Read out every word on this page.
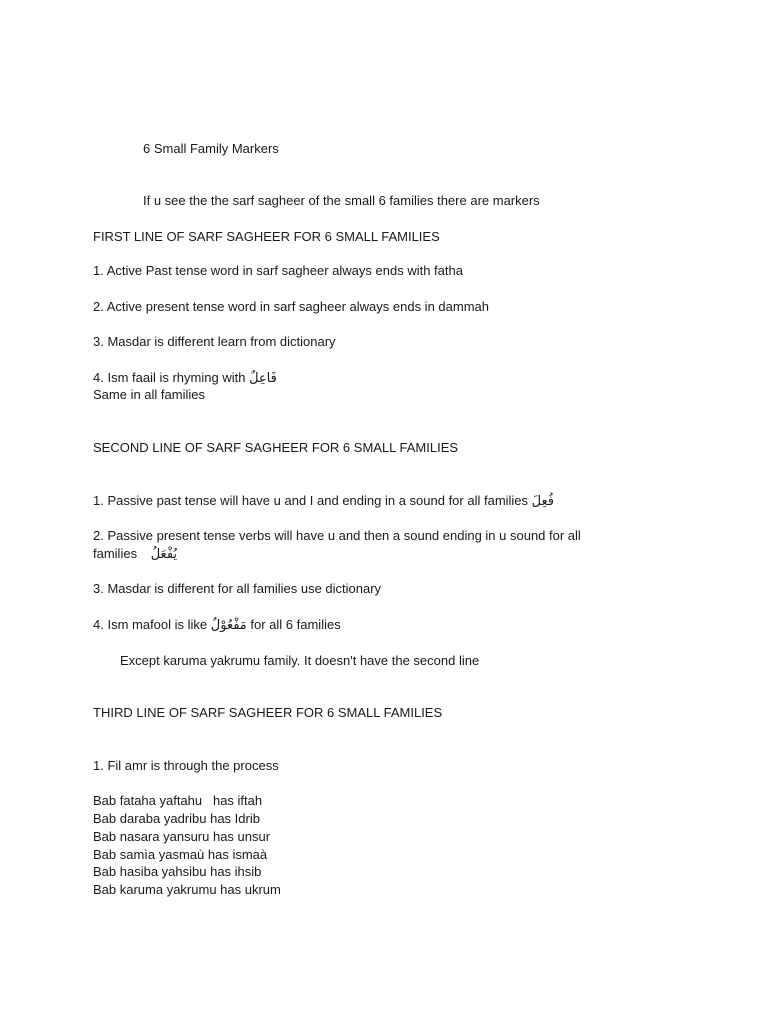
6 Small Family Markers
If u see the the sarf sagheer of the small 6 families there are markers
FIRST LINE OF SARF SAGHEER FOR 6 SMALL FAMILIES
1. Active Past tense word in sarf sagheer always ends with fatha
2. Active present tense word in sarf sagheer always ends in dammah
3. Masdar is different learn from dictionary
4. Ism faail is rhyming with فَاعِلٌ
Same in all families
SECOND LINE OF SARF SAGHEER FOR 6 SMALL FAMILIES
1. Passive past tense will have u and I and ending in a sound for all families فُعِلَ
2. Passive present tense verbs will have u and then a sound ending in u sound for all
families يُفْعَلُ
3. Masdar is different for all families use dictionary
4. Ism mafool is like مَفْعُوْلٌ for all 6 families
Except karuma yakrumu family. It doesn't have the second line
THIRD LINE OF SARF SAGHEER FOR 6 SMALL FAMILIES
1. Fil amr is through the process
Bab fataha yaftahu   has iftah
Bab daraba yadribu has Idrib
Bab nasara yansuru has unsur
Bab samìa yasmaù has ismaà
Bab hasiba yahsibu has ihsib
Bab karuma yakrumu has ukrum
